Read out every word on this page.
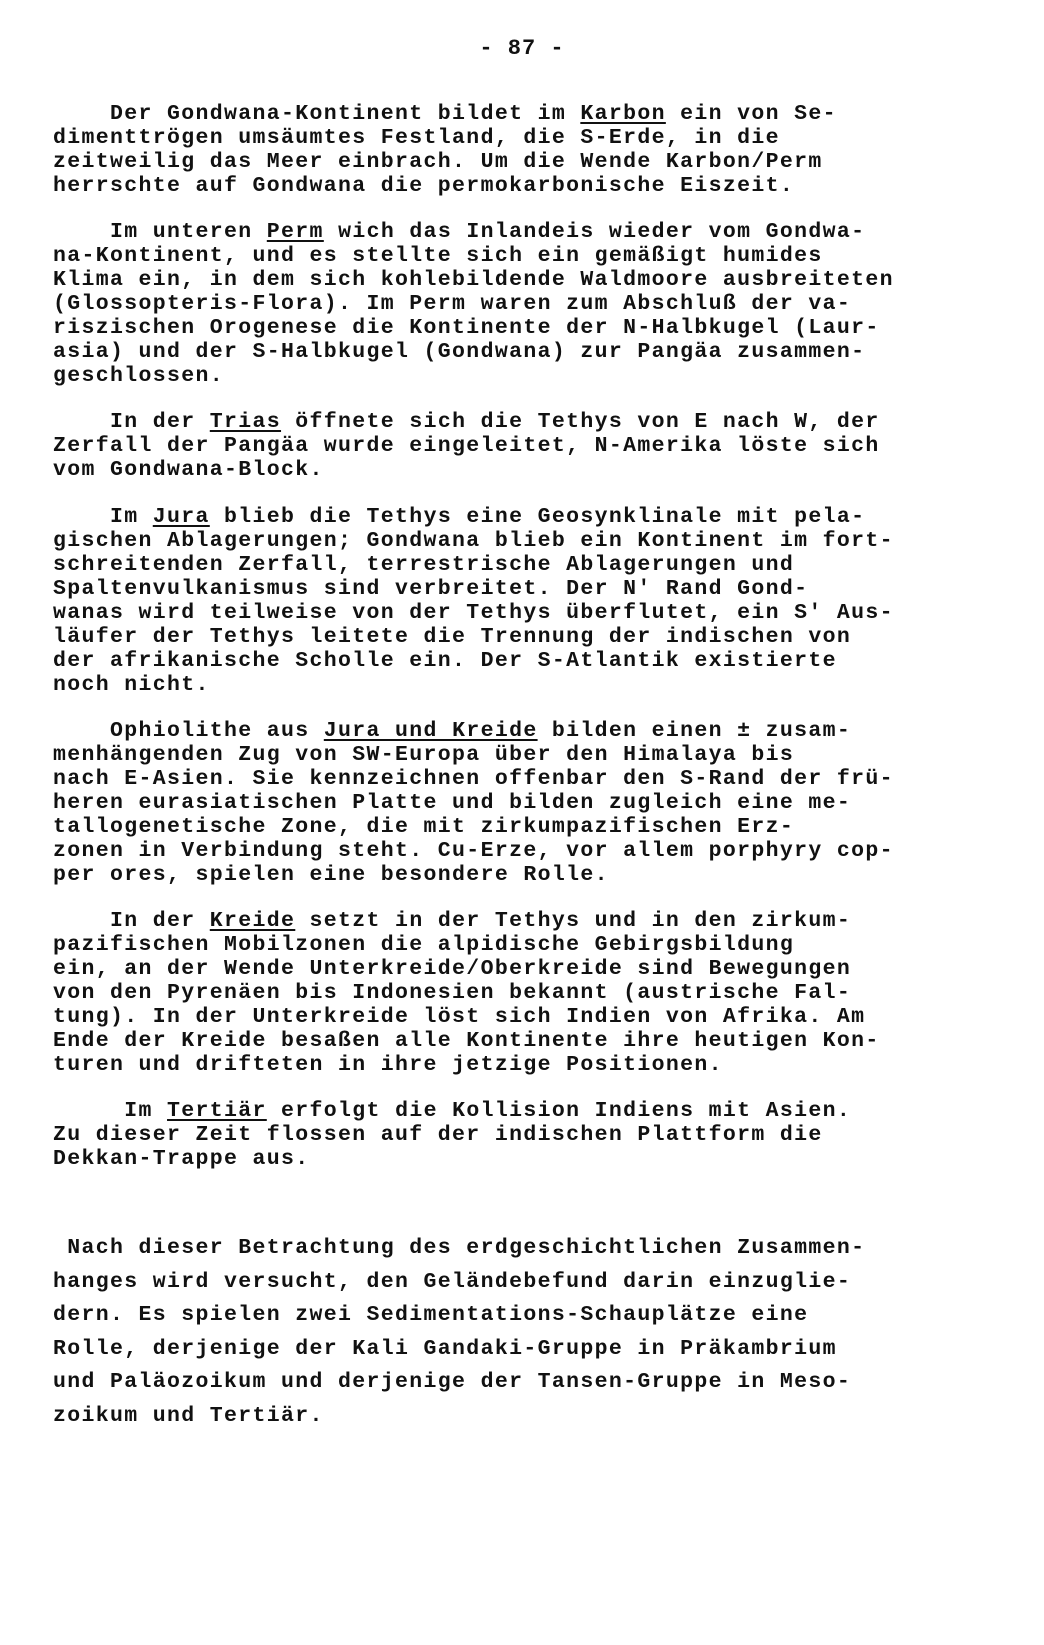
- 87 -
Der Gondwana-Kontinent bildet im Karbon ein von Se-
dimenttrögen umsäumtes Festland, die S-Erde, in die
zeitweilig das Meer einbrach. Um die Wende Karbon/Perm
herrschte auf Gondwana die permokarbonische Eiszeit.
Im unteren Perm wich das Inlandeis wieder vom Gondwa-
na-Kontinent, und es stellte sich ein gemäßigt humides
Klima ein, in dem sich kohlebildende Waldmoore ausbreiteten
(Glossopteris-Flora). Im Perm waren zum Abschluß der va-
riszischen Orogenese die Kontinente der N-Halbkugel (Laur-
asia) und der S-Halbkugel (Gondwana) zur Pangäa zusammen-
geschlossen.
In der Trias öffnete sich die Tethys von E nach W, der
Zerfall der Pangäa wurde eingeleitet, N-Amerika löste sich
vom Gondwana-Block.
Im Jura blieb die Tethys eine Geosynklinale mit pela-
gischen Ablagerungen; Gondwana blieb ein Kontinent im fort-
schreitenden Zerfall, terrestrische Ablagerungen und
Spaltenvulkanismus sind verbreitet. Der N' Rand Gond-
wanas wird teilweise von der Tethys überflutet, ein S' Aus-
läufer der Tethys leitete die Trennung der indischen von
der afrikanische Scholle ein. Der S-Atlantik existierte
noch nicht.
Ophiolithe aus Jura und Kreide bilden einen ± zusam-
menhängenden Zug von SW-Europa über den Himalaya bis
nach E-Asien. Sie kennzeichnen offenbar den S-Rand der frü-
heren eurasiatischen Platte und bilden zugleich eine me-
tallogenetische Zone, die mit zirkumpazifischen Erz-
zonen in Verbindung steht. Cu-Erze, vor allem porphyry cop-
per ores, spielen eine besondere Rolle.
In der Kreide setzt in der Tethys und in den zirkum-
pazifischen Mobilzonen die alpidische Gebirgsbildung
ein, an der Wende Unterkreide/Oberkreide sind Bewegungen
von den Pyrenäen bis Indonesien bekannt (austrische Fal-
tung). In der Unterkreide löst sich Indien von Afrika. Am
Ende der Kreide besaßen alle Kontinente ihre heutigen Kon-
turen und drifteten in ihre jetzige Positionen.
Im Tertiär erfolgt die Kollision Indiens mit Asien.
Zu dieser Zeit flossen auf der indischen Plattform die
Dekkan-Trappe aus.
Nach dieser Betrachtung des erdgeschichtlichen Zusammen-
hanges wird versucht, den Geländebefund darin einzuglie-
dern. Es spielen zwei Sedimentations-Schauplätze eine
Rolle, derjenige der Kali Gandaki-Gruppe in Präkambrium
und Paläozoikum und derjenige der Tansen-Gruppe in Meso-
zoikum und Tertiär.
